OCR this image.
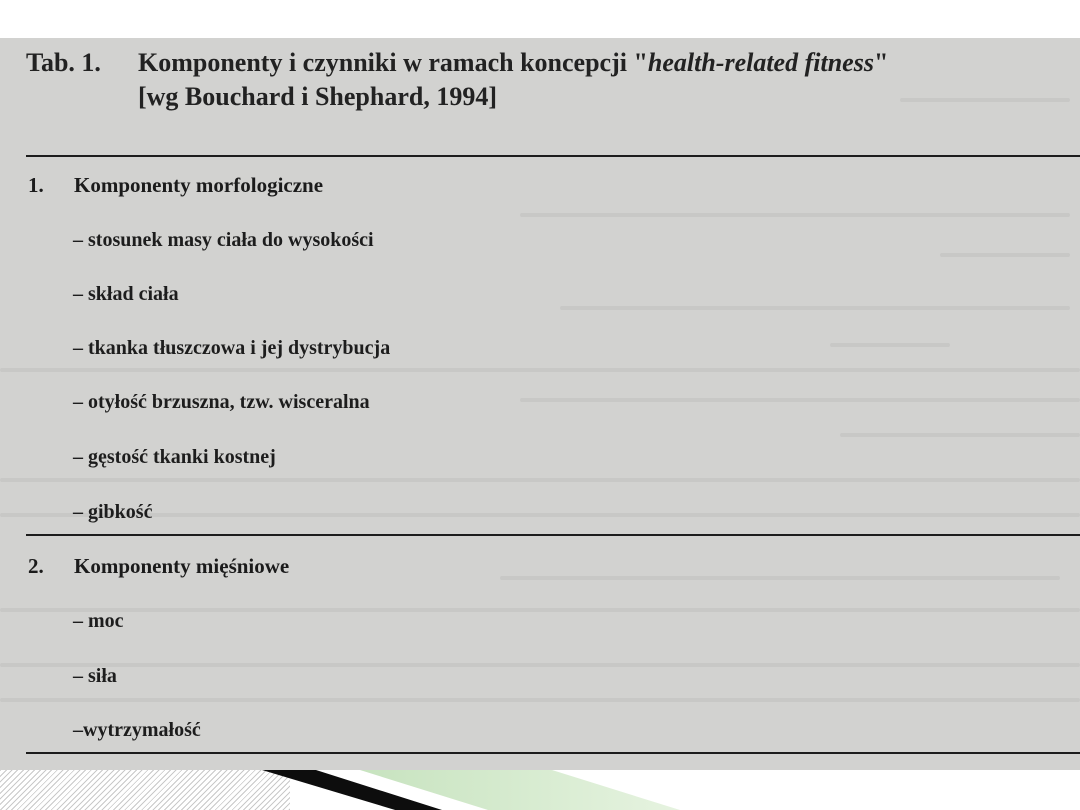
Tab. 1. Komponenty i czynniki w ramach koncepcji "health-related fitness"
[wg Bouchard i Shephard, 1994]
1. Komponenty morfologiczne
– stosunek masy ciała do wysokości
– skład ciała
– tkanka tłuszczowa i jej dystrybucja
– otyłość brzuszna, tzw. wisceralna
– gęstość tkanki kostnej
– gibkość
2. Komponenty mięśniowe
– moc
– siła
–wytrzymałość
